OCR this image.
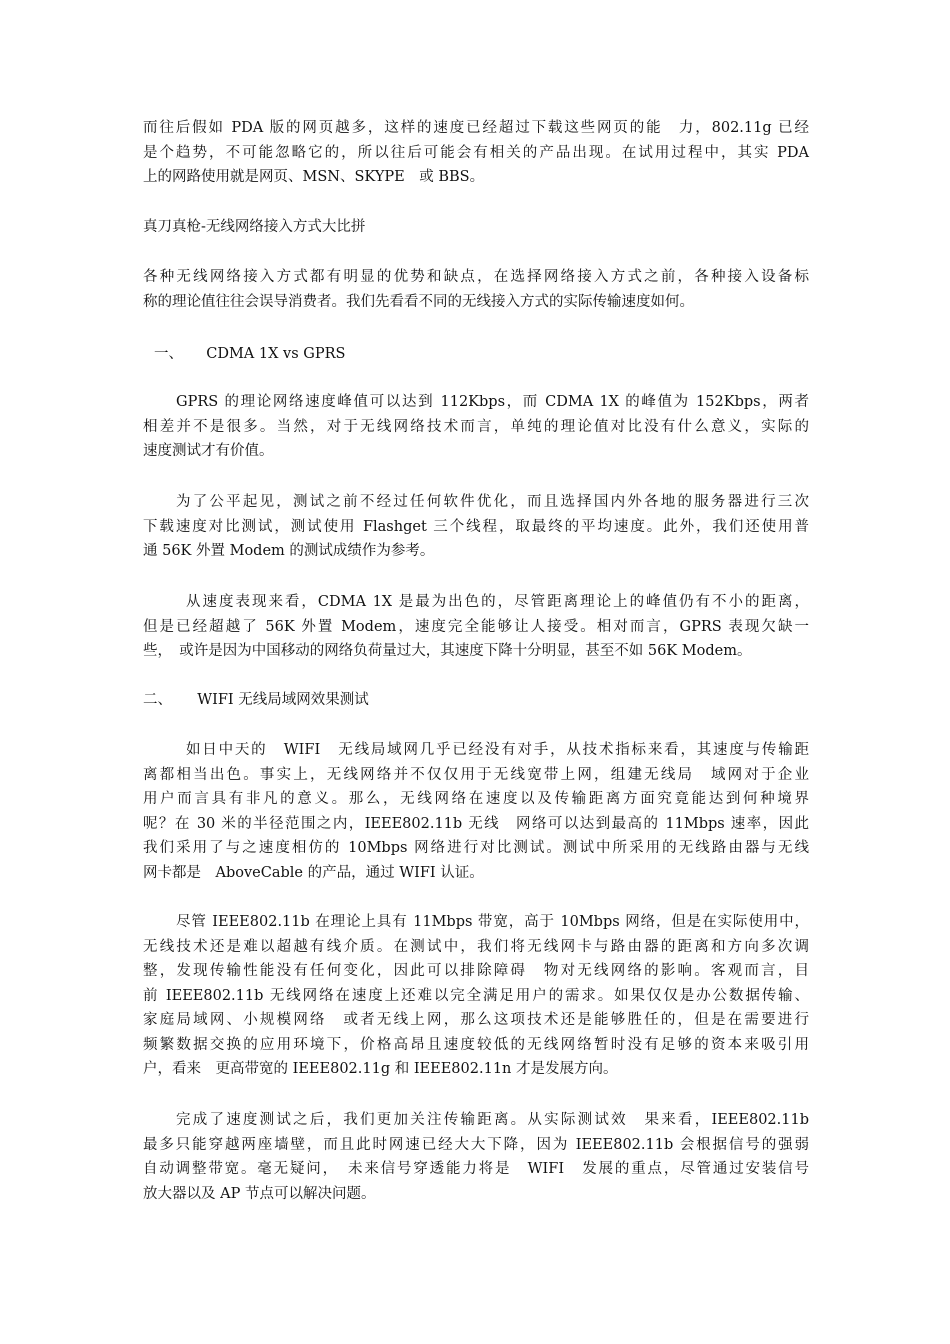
而往后假如 PDA 版的网页越多，这样的速度已经超过下载这些网页的能　力，802.11g 已经
是个趋势，不可能忽略它的，所以往后可能会有相关的产品出现。在试用过程中，其实 PDA
上的网路使用就是网页、MSN、SKYPE　或 BBS。
真刀真枪-无线网络接入方式大比拼
各种无线网络接入方式都有明显的优势和缺点，在选择网络接入方式之前，各种接入设备标
称的理论值往往会误导消费者。我们先看看不同的无线接入方式的实际传输速度如何。
一、 CDMA 1X vs GPRS
GPRS 的理论网络速度峰值可以达到 112Kbps，而 CDMA 1X 的峰值为 152Kbps，两者
相差并不是很多。当然，对于无线网络技术而言，单纯的理论值对比没有什么意义，实际的
速度测试才有价值。
为了公平起见，测试之前不经过任何软件优化，而且选择国内外各地的服务器进行三次
下载速度对比测试，测试使用 Flashget 三个线程，取最终的平均速度。此外，我们还使用普
通 56K 外置 Modem 的测试成绩作为参考。
从速度表现来看，CDMA 1X 是最为出色的，尽管距离理论上的峰值仍有不小的距离，
但是已经超越了 56K 外置 Modem，速度完全能够让人接受。相对而言，GPRS 表现欠缺一
些，　或许是因为中国移动的网络负荷量过大，其速度下降十分明显，甚至不如 56K Modem。
二、 WIFI 无线局域网效果测试
如日中天的　WIFI　无线局域网几乎已经没有对手，从技术指标来看，其速度与传输距
离都相当出色。事实上，无线网络并不仅仅用于无线宽带上网，组建无线局　域网对于企业
用户而言具有非凡的意义。那么，无线网络在速度以及传输距离方面究竟能达到何种境界
呢？在 30 米的半径范围之内，IEEE802.11b 无线　网络可以达到最高的 11Mbps 速率，因此
我们采用了与之速度相仿的 10Mbps 网络进行对比测试。测试中所采用的无线路由器与无线
网卡都是　AboveCable 的产品，通过 WIFI 认证。
尽管 IEEE802.11b 在理论上具有 11Mbps 带宽，高于 10Mbps 网络，但是在实际使用中，
无线技术还是难以超越有线介质。在测试中，我们将无线网卡与路由器的距离和方向多次调
整，发现传输性能没有任何变化，因此可以排除障碍　物对无线网络的影响。客观而言，目
前 IEEE802.11b 无线网络在速度上还难以完全满足用户的需求。如果仅仅是办公数据传输、
家庭局域网、小规模网络　或者无线上网，那么这项技术还是能够胜任的，但是在需要进行
频繁数据交换的应用环境下，价格高昂且速度较低的无线网络暂时没有足够的资本来吸引用
户，看来　更高带宽的 IEEE802.11g 和 IEEE802.11n 才是发展方向。
完成了速度测试之后，我们更加关注传输距离。从实际测试效　果来看，IEEE802.11b
最多只能穿越两座墙壁，而且此时网速已经大大下降，因为 IEEE802.11b 会根据信号的强弱
自动调整带宽。毫无疑问，　未来信号穿透能力将是　WIFI　发展的重点，尽管通过安装信号
放大器以及 AP 节点可以解决问题。
